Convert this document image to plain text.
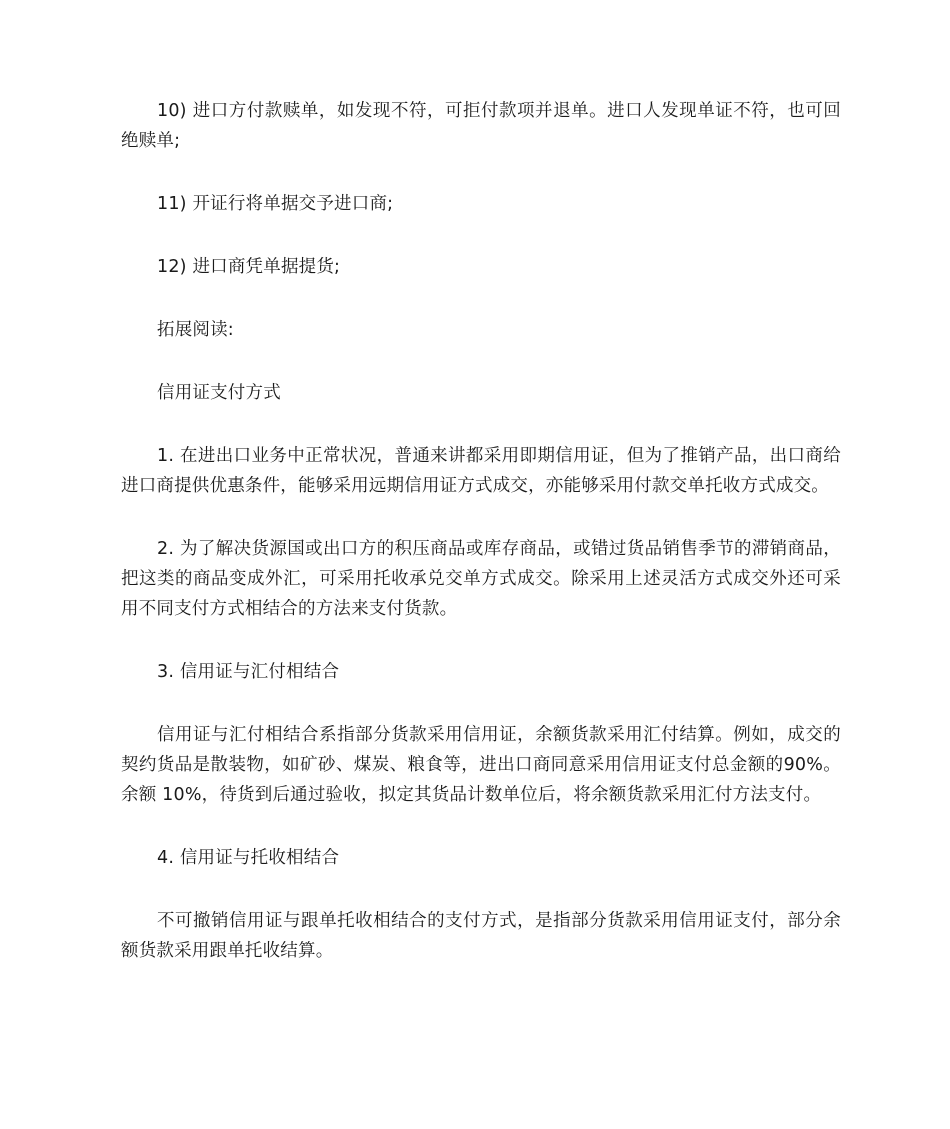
10) 进口方付款赎单，如发现不符，可拒付款项并退单。进口人发现单证不符，也可回绝赎单;

11) 开证行将单据交予进口商;

12) 进口商凭单据提货;

拓展阅读:

信用证支付方式

1. 在进出口业务中正常状况，普通来讲都采用即期信用证，但为了推销产品，出口商给进口商提供优惠条件，能够采用远期信用证方式成交，亦能够采用付款交单托收方式成交。

2. 为了解决货源国或出口方的积压商品或库存商品，或错过货品销售季节的滞销商品，把这类的商品变成外汇，可采用托收承兑交单方式成交。除采用上述灵活方式成交外还可采用不同支付方式相结合的方法来支付货款。

3. 信用证与汇付相结合

信用证与汇付相结合系指部分货款采用信用证，余额货款采用汇付结算。例如，成交的契约货品是散装物，如矿砂、煤炭、粮食等，进出口商同意采用信用证支付总金额的90%。余额 10%，待货到后通过验收，拟定其货品计数单位后，将余额货款采用汇付方法支付。

4. 信用证与托收相结合

不可撤销信用证与跟单托收相结合的支付方式，是指部分货款采用信用证支付，部分余额货款采用跟单托收结算。
